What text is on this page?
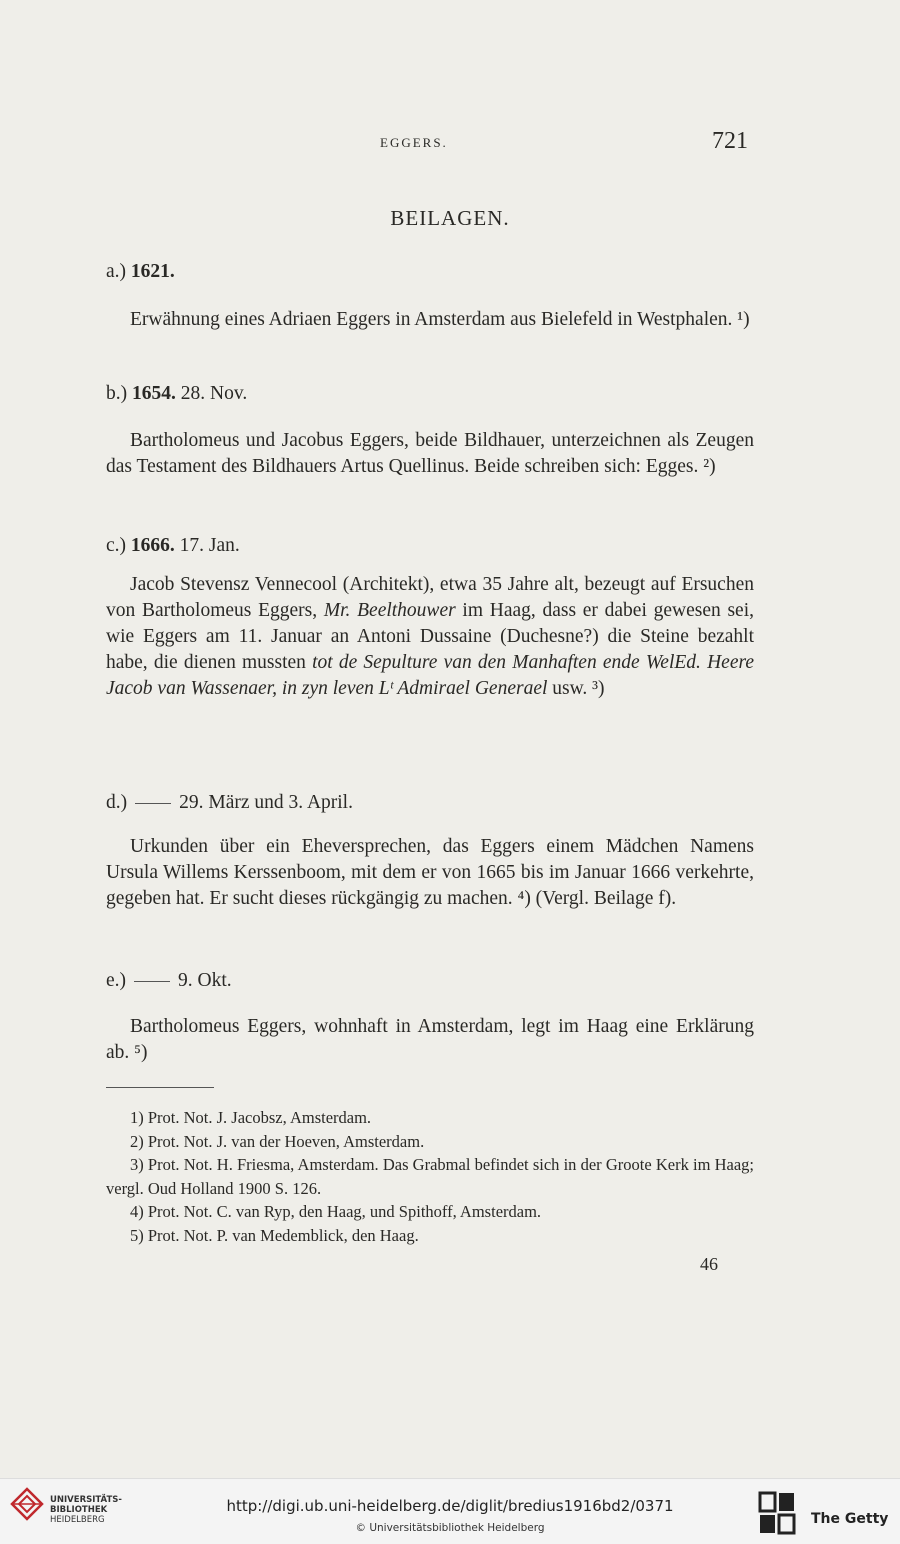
EGGERS.	721
BEILAGEN.
a.) 1621.
Erwähnung eines Adriaen Eggers in Amsterdam aus Bielefeld in Westphalen. ¹)
b.) 1654. 28. Nov.
Bartholomeus und Jacobus Eggers, beide Bildhauer, unterzeichnen als Zeugen das Testament des Bildhauers Artus Quellinus. Beide schreiben sich: Egges. ²)
c.) 1666. 17. Jan.
Jacob Stevensz Vennecool (Architekt), etwa 35 Jahre alt, bezeugt auf Ersuchen von Bartholomeus Eggers, Mr. Beelthouwer im Haag, dass er dabei gewesen sei, wie Eggers am 11. Januar an Antoni Dussaine (Duchesne?) die Steine bezahlt habe, die dienen mussten tot de Sepulture van den Manhaften ende WelEd. Heere Jacob van Wassenaer, in zyn leven Lᵗ Admirael Generael usw. ³)
d.)	29. März und 3. April.
Urkunden über ein Eheversprechen, das Eggers einem Mädchen Namens Ursula Willems Kerssenboom, mit dem er von 1665 bis im Januar 1666 verkehrte, gegeben hat. Er sucht dieses rückgängig zu machen. ⁴) (Vergl. Beilage f).
e.)	9. Okt.
Bartholomeus Eggers, wohnhaft in Amsterdam, legt im Haag eine Erklärung ab. ⁵)
1) Prot. Not. J. Jacobsz, Amsterdam.
2) Prot. Not. J. van der Hoeven, Amsterdam.
3) Prot. Not. H. Friesma, Amsterdam. Das Grabmal befindet sich in der Groote Kerk im Haag; vergl. Oud Holland 1900 S. 126.
4) Prot. Not. C. van Ryp, den Haag, und Spithoff, Amsterdam.
5) Prot. Not. P. van Medemblick, den Haag.
46
UNIVERSITÄTS-
BIBLIOTHEK
HEIDELBERG
http://digi.ub.uni-heidelberg.de/diglit/bredius1916bd2/0371
© Universitätsbibliothek Heidelberg
The Getty
